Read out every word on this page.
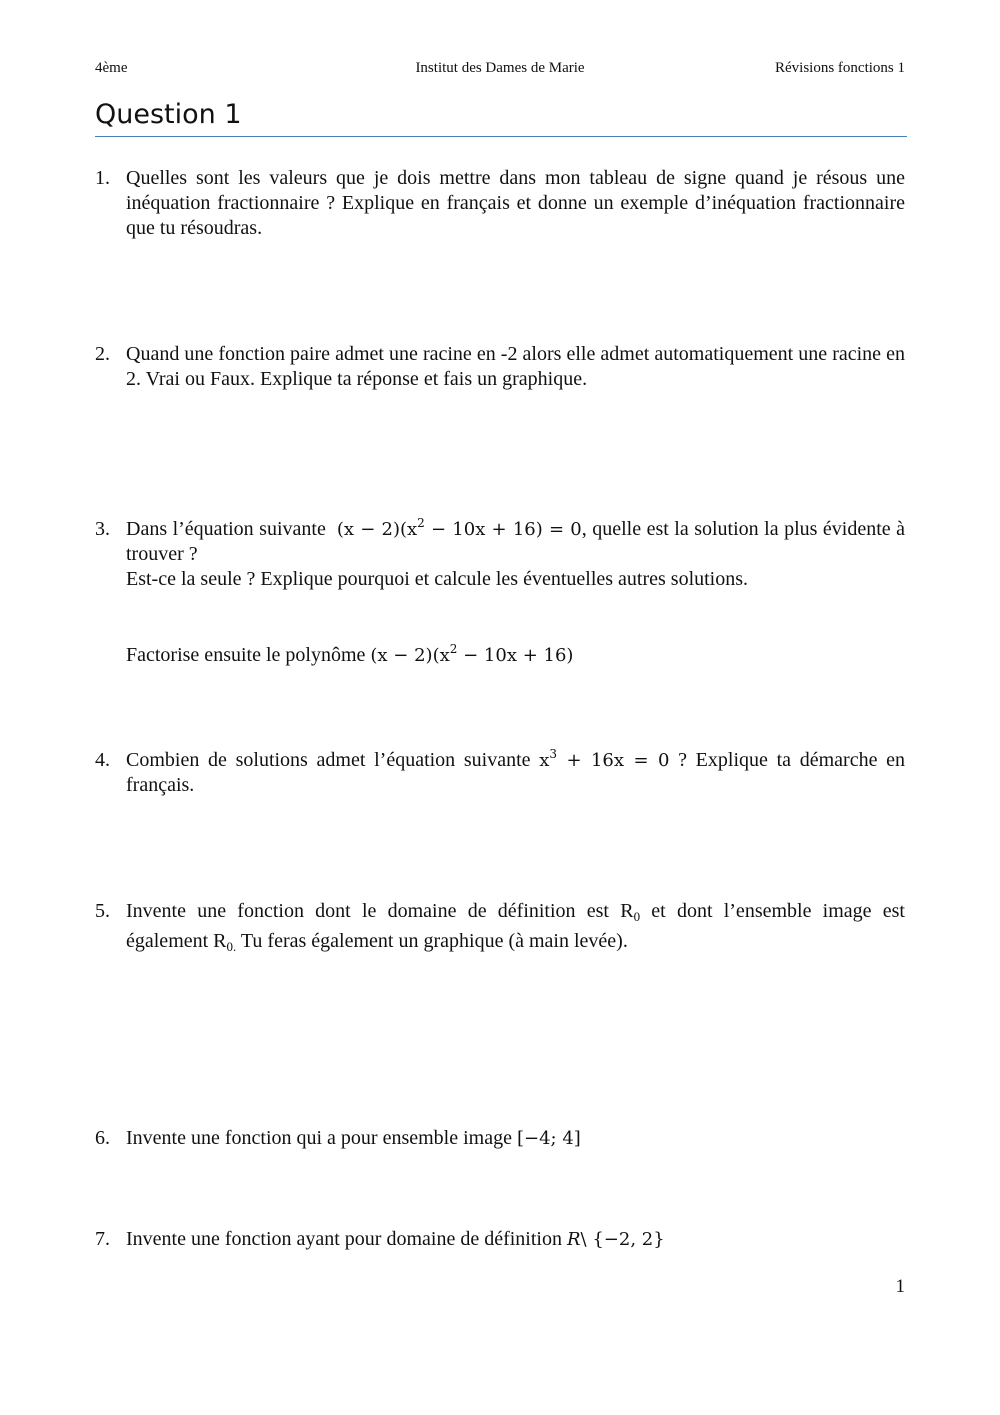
4ème	Institut des Dames de Marie	Révisions fonctions 1
Question 1
1. Quelles sont les valeurs que je dois mettre dans mon tableau de signe quand je résous une inéquation fractionnaire ? Explique en français et donne un exemple d’inéquation fractionnaire que tu résoudras.

2. Quand une fonction paire admet une racine en -2 alors elle admet automatiquement une racine en 2. Vrai ou Faux. Explique ta réponse et fais un graphique.

3. Dans l’équation suivante $(x - 2)(x^2 - 10x + 16) = 0$, quelle est la solution la plus évidente à trouver ?

Est-ce la seule ? Explique pourquoi et calcule les éventuelles autres solutions.

Factorise ensuite le polynôme $(x - 2)(x^2 - 10x + 16)$

4. Combien de solutions admet l’équation suivante $x^3 + 16x = 0$ ? Explique ta démarche en français.

5. Invente une fonction dont le domaine de définition est $R_0$ et dont l’ensemble image est également $R_{0.}$ Tu feras également un graphique (à main levée).

6. Invente une fonction qui a pour ensemble image [−4; 4]

7. Invente une fonction ayant pour domaine de définition R\ {−2, 2}

1
